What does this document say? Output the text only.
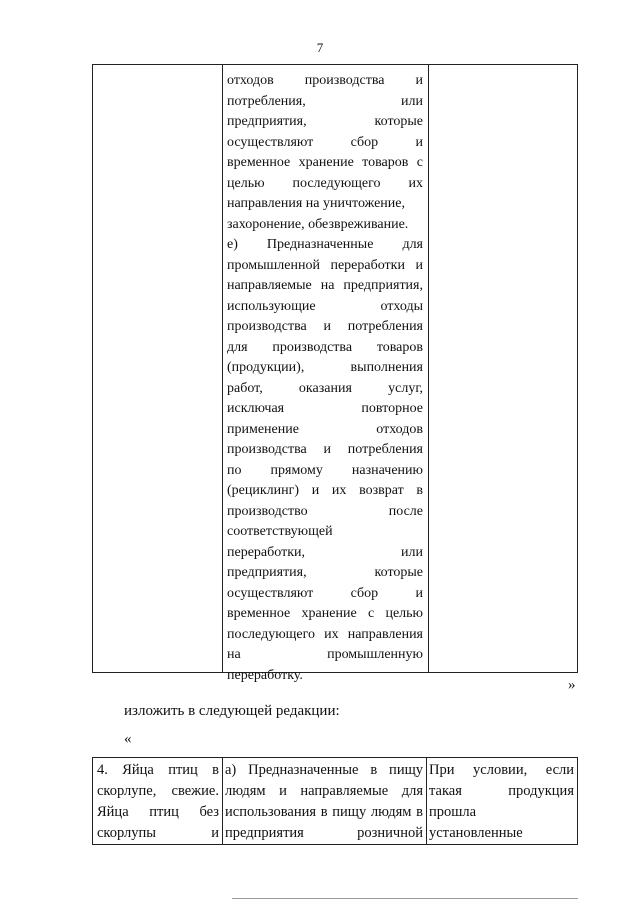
7
отходов производства и
потребления, или
предприятия, которые
осуществляют сбор и
временное хранение товаров с
целью последующего их
направления на уничтожение,
захоронение, обезвреживание.
е) Предназначенные для
промышленной переработки и
направляемые на предприятия,
использующие отходы
производства и потребления
для производства товаров
(продукции), выполнения
работ, оказания услуг,
исключая повторное
применение отходов
производства и потребления
по прямому назначению
(рециклинг) и их возврат в
производство после
соответствующей
переработки, или
предприятия, которые
осуществляют сбор и
временное хранение с целью
последующего их направления
на промышленную
переработку.
»
изложить в следующей редакции:
«
4. Яйца птиц в
скорлупе, свежие.
Яйца птиц без
скорлупы и
а) Предназначенные в пищу
людям и направляемые для
использования в пищу людям в
предприятия розничной
При условии, если
такая продукция
прошла
установленные
